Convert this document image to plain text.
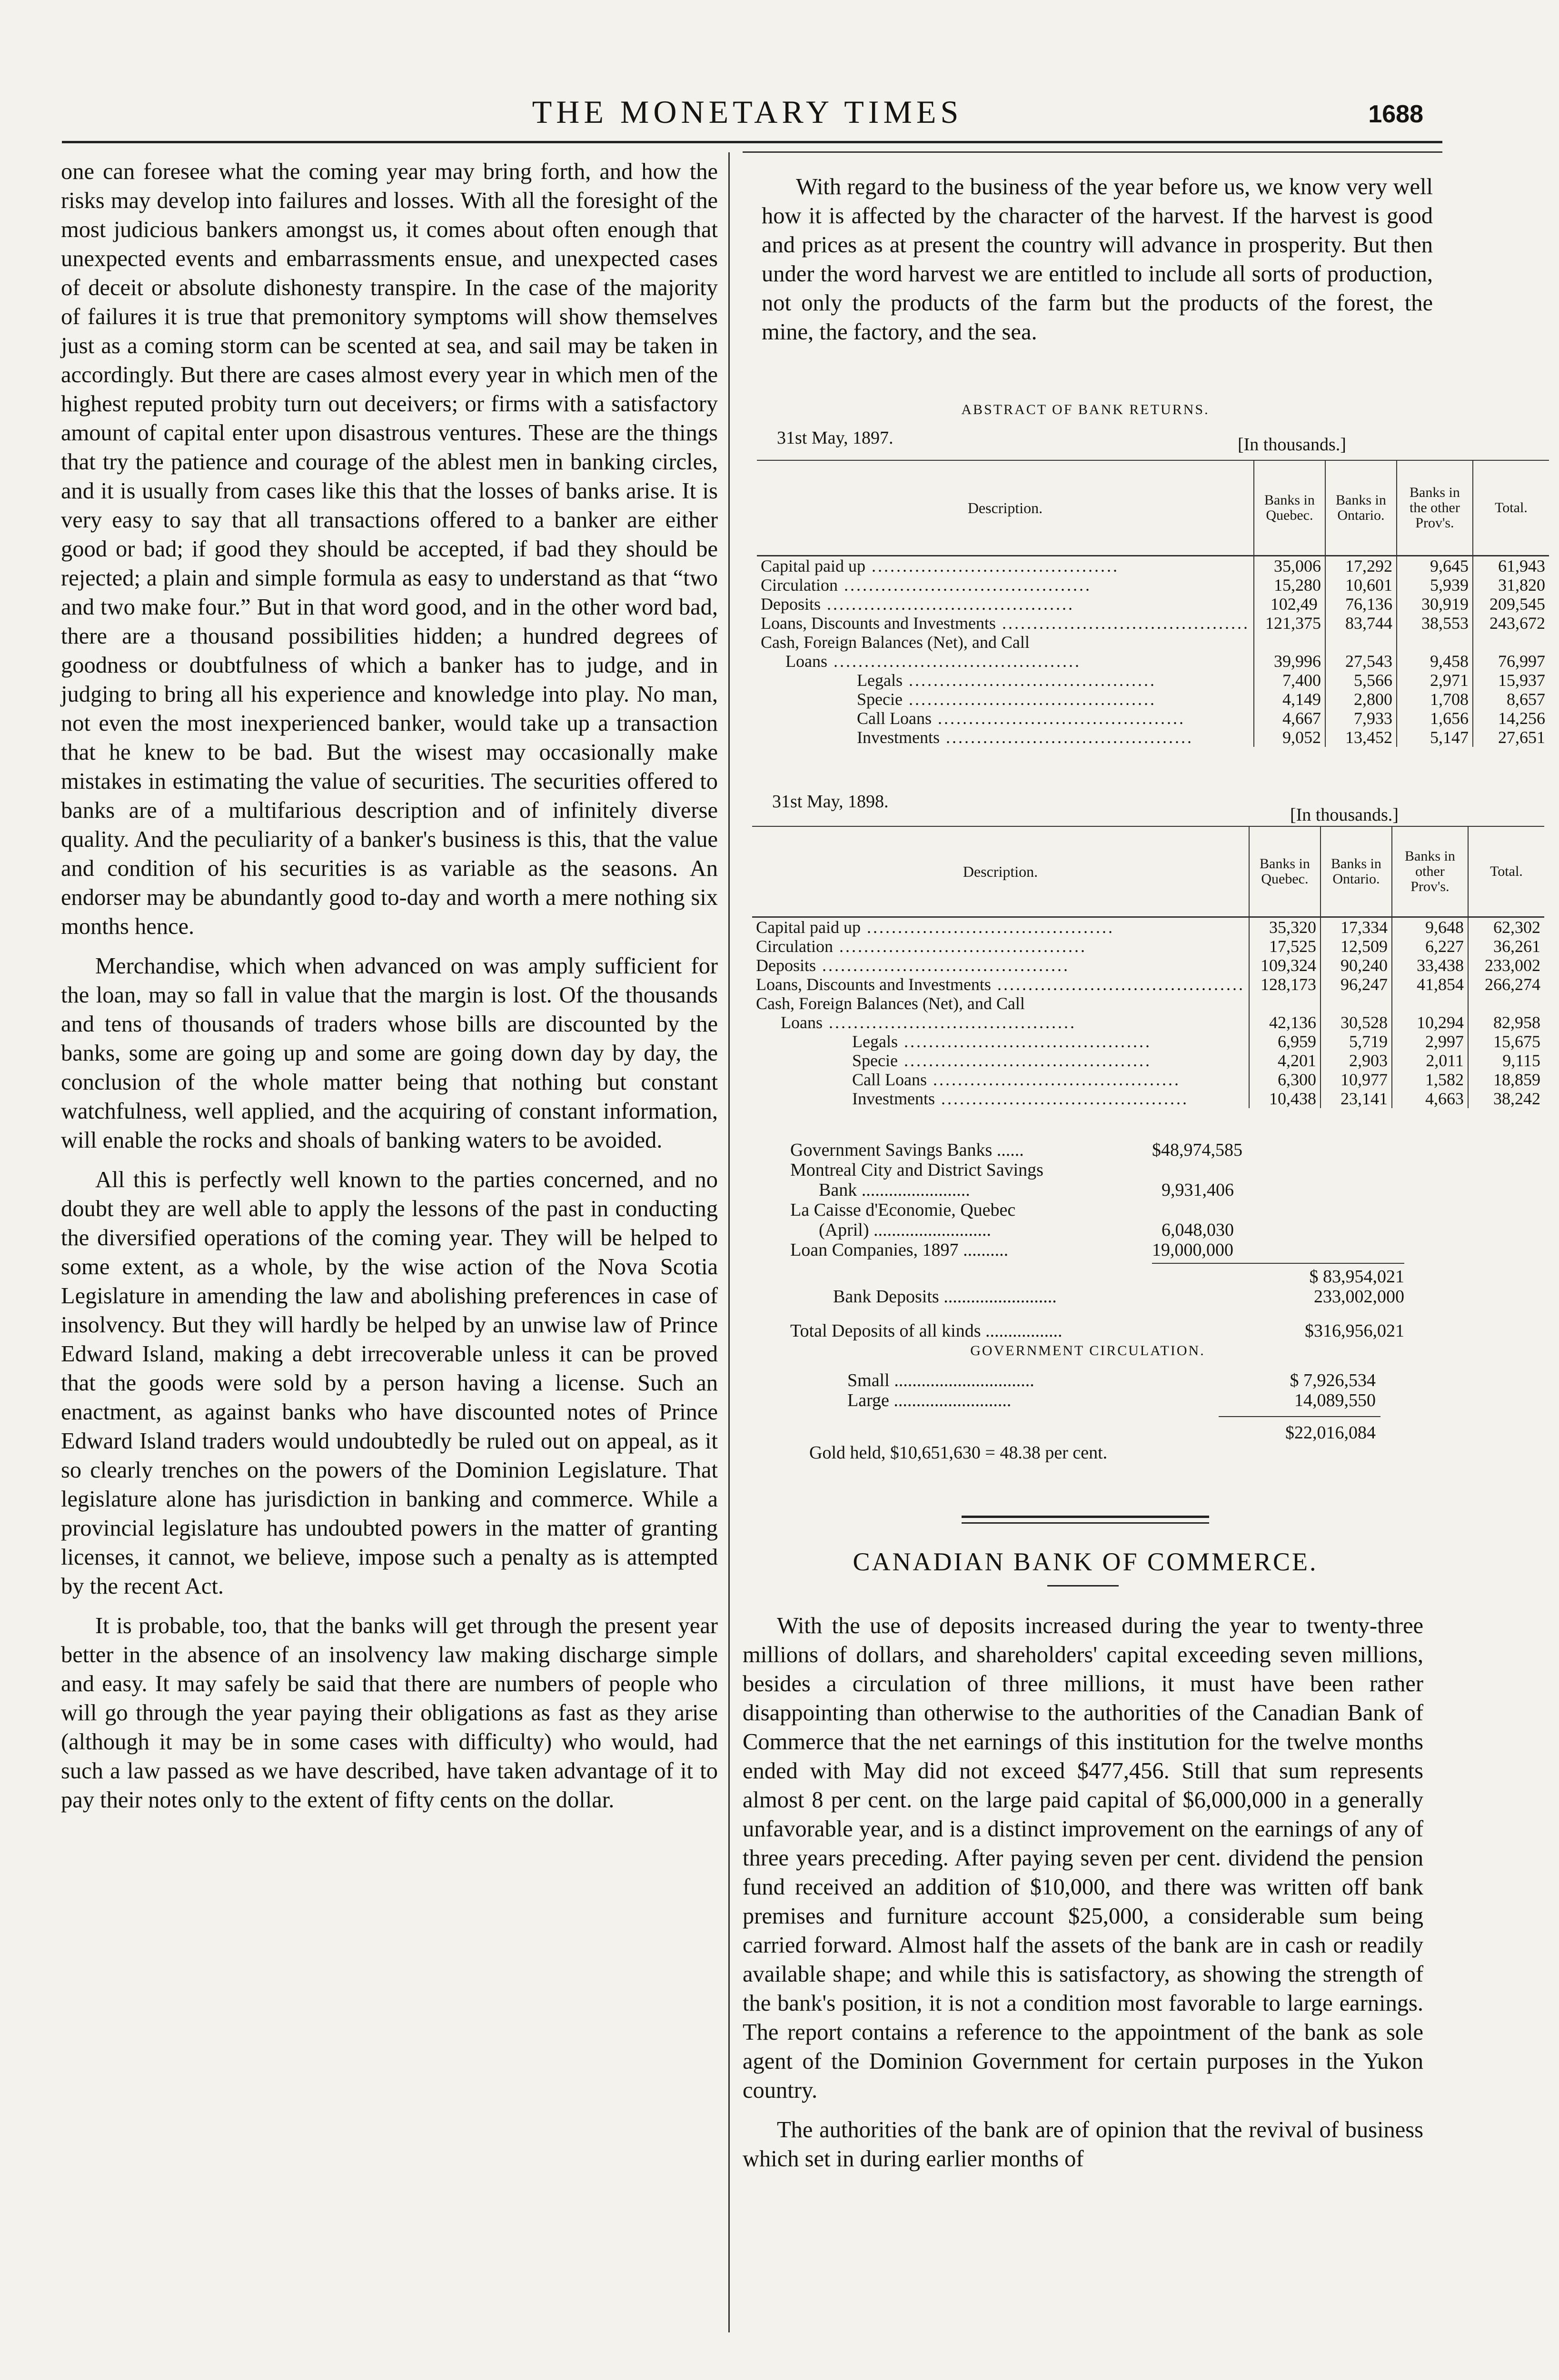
THE MONETARY TIMES	1688

one can foresee what the coming year may bring forth, and how the risks may develop into failures and losses. With all the foresight of the most judicious bankers amongst us, it comes about often enough that unexpected events and embarrassments ensue, and unexpected cases of deceit or absolute dishonesty transpire. In the case of the majority of failures it is true that premonitory symptoms will show themselves just as a coming storm can be scented at sea, and sail may be taken in accordingly. But there are cases almost every year in which men of the highest reputed probity turn out deceivers; or firms with a satisfactory amount of capital enter upon disastrous ventures. These are the things that try the patience and courage of the ablest men in banking circles, and it is usually from cases like this that the losses of banks arise. It is very easy to say that all transactions offered to a banker are either good or bad; if good they should be accepted, if bad they should be rejected; a plain and simple formula as easy to understand as that “two and two make four.” But in that word good, and in the other word bad, there are a thousand possibilities hidden; a hundred degrees of goodness or doubtfulness of which a banker has to judge, and in judging to bring all his experience and knowledge into play. No man, not even the most inexperienced banker, would take up a transaction that he knew to be bad. But the wisest may occasionally make mistakes in estimating the value of securities. The securities offered to banks are of a multifarious description and of infinitely diverse quality. And the peculiarity of a banker's business is this, that the value and condition of his securities is as variable as the seasons. An endorser may be abundantly good to-day and worth a mere nothing six months hence.

Merchandise, which when advanced on was amply sufficient for the loan, may so fall in value that the margin is lost. Of the thousands and tens of thousands of traders whose bills are discounted by the banks, some are going up and some are going down day by day, the conclusion of the whole matter being that nothing but constant watchfulness, well applied, and the acquiring of constant information, will enable the rocks and shoals of banking waters to be avoided.

All this is perfectly well known to the parties concerned, and no doubt they are well able to apply the lessons of the past in conducting the diversified operations of the coming year. They will be helped to some extent, as a whole, by the wise action of the Nova Scotia Legislature in amending the law and abolishing preferences in case of insolvency. But they will hardly be helped by an unwise law of Prince Edward Island, making a debt irrecoverable unless it can be proved that the goods were sold by a person having a license. Such an enactment, as against banks who have discounted notes of Prince Edward Island traders would undoubtedly be ruled out on appeal, as it so clearly trenches on the powers of the Dominion Legislature. That legislature alone has jurisdiction in banking and commerce. While a provincial legislature has undoubted powers in the matter of granting licenses, it cannot, we believe, impose such a penalty as is attempted by the recent Act.

It is probable, too, that the banks will get through the present year better in the absence of an insolvency law making discharge simple and easy. It may safely be said that there are numbers of people who will go through the year paying their obligations as fast as they arise (although it may be in some cases with difficulty) who would, had such a law passed as we have described, have taken advantage of it to pay their notes only to the extent of fifty cents on the dollar.

With regard to the business of the year before us, we know very well how it is affected by the character of the harvest. If the harvest is good and prices as at present the country will advance in prosperity. But then under the word harvest we are entitled to include all sorts of production, not only the products of the farm but the products of the forest, the mine, the factory, and the sea.

ABSTRACT OF BANK RETURNS.
31st May, 1897.	[In thousands.]
Description.	Banks in Quebec.	Banks in Ontario.	Banks in the other Prov's.	Total.
Capital paid up ........................................	35,006	17,292	9,645	61,943
Circulation ........................................	15,280	10,601	5,939	31,820
Deposits ........................................	102,49 	76,136	30,919	209,545
Loans, Discounts and Investments ........................................	121,375	83,744	38,553	243,672
Cash, Foreign Balances (Net), and Call				
Loans ........................................	39,996	27,543	9,458	76,997
Legals ........................................	7,400	5,566	2,971	15,937
Specie ........................................	4,149	2,800	1,708	8,657
Call Loans ........................................	4,667	7,933	1,656	14,256
Investments ........................................	9,052	13,452	5,147	27,651
31st May, 1898.
[In thousands.]
Description.	Banks in Quebec.	Banks in Ontario.	Banks in other Prov's.	Total.
Capital paid up ........................................	35,320	17,334	9,648	62,302
Circulation ........................................	17,525	12,509	6,227	36,261
Deposits ........................................	109,324	90,240	33,438	233,002
Loans, Discounts and Investments ........................................	128,173	96,247	41,854	266,274
Cash, Foreign Balances (Net), and Call				
Loans ........................................	42,136	30,528	10,294	82,958
Legals ........................................	6,959	5,719	2,997	15,675
Specie ........................................	4,201	2,903	2,011	9,115
Call Loans ........................................	6,300	10,977	1,582	18,859
Investments ........................................	10,438	23,141	4,663	38,242
Government Savings Banks ......	$48,974,585
Montreal City and District Savings
Bank ........................	9,931,406
La Caisse d'Economie, Quebec
(April) ..........................	6,048,030
Loan Companies, 1897 ..........	19,000,000
$ 83,954,021
Bank Deposits .........................	233,002,000
Total Deposits of all kinds .................	$316,956,021
GOVERNMENT CIRCULATION.
Small ...............................	$ 7,926,534
Large ..........................	14,089,550
$22,016,084
Gold held, $10,651,630 = 48.38 per cent.
CANADIAN BANK OF COMMERCE.

With the use of deposits increased during the year to twenty-three millions of dollars, and shareholders' capital exceeding seven millions, besides a circulation of three millions, it must have been rather disappointing than otherwise to the authorities of the Canadian Bank of Commerce that the net earnings of this institution for the twelve months ended with May did not exceed $477,456. Still that sum represents almost 8 per cent. on the large paid capital of $6,000,000 in a generally unfavorable year, and is a distinct improvement on the earnings of any of three years preceding. After paying seven per cent. dividend the pension fund received an addition of $10,000, and there was written off bank premises and furniture account $25,000, a considerable sum being carried forward. Almost half the assets of the bank are in cash or readily available shape; and while this is satisfactory, as showing the strength of the bank's position, it is not a condition most favorable to large earnings. The report contains a reference to the appointment of the bank as sole agent of the Dominion Government for certain purposes in the Yukon country.

The authorities of the bank are of opinion that the revival of business which set in during earlier months of
